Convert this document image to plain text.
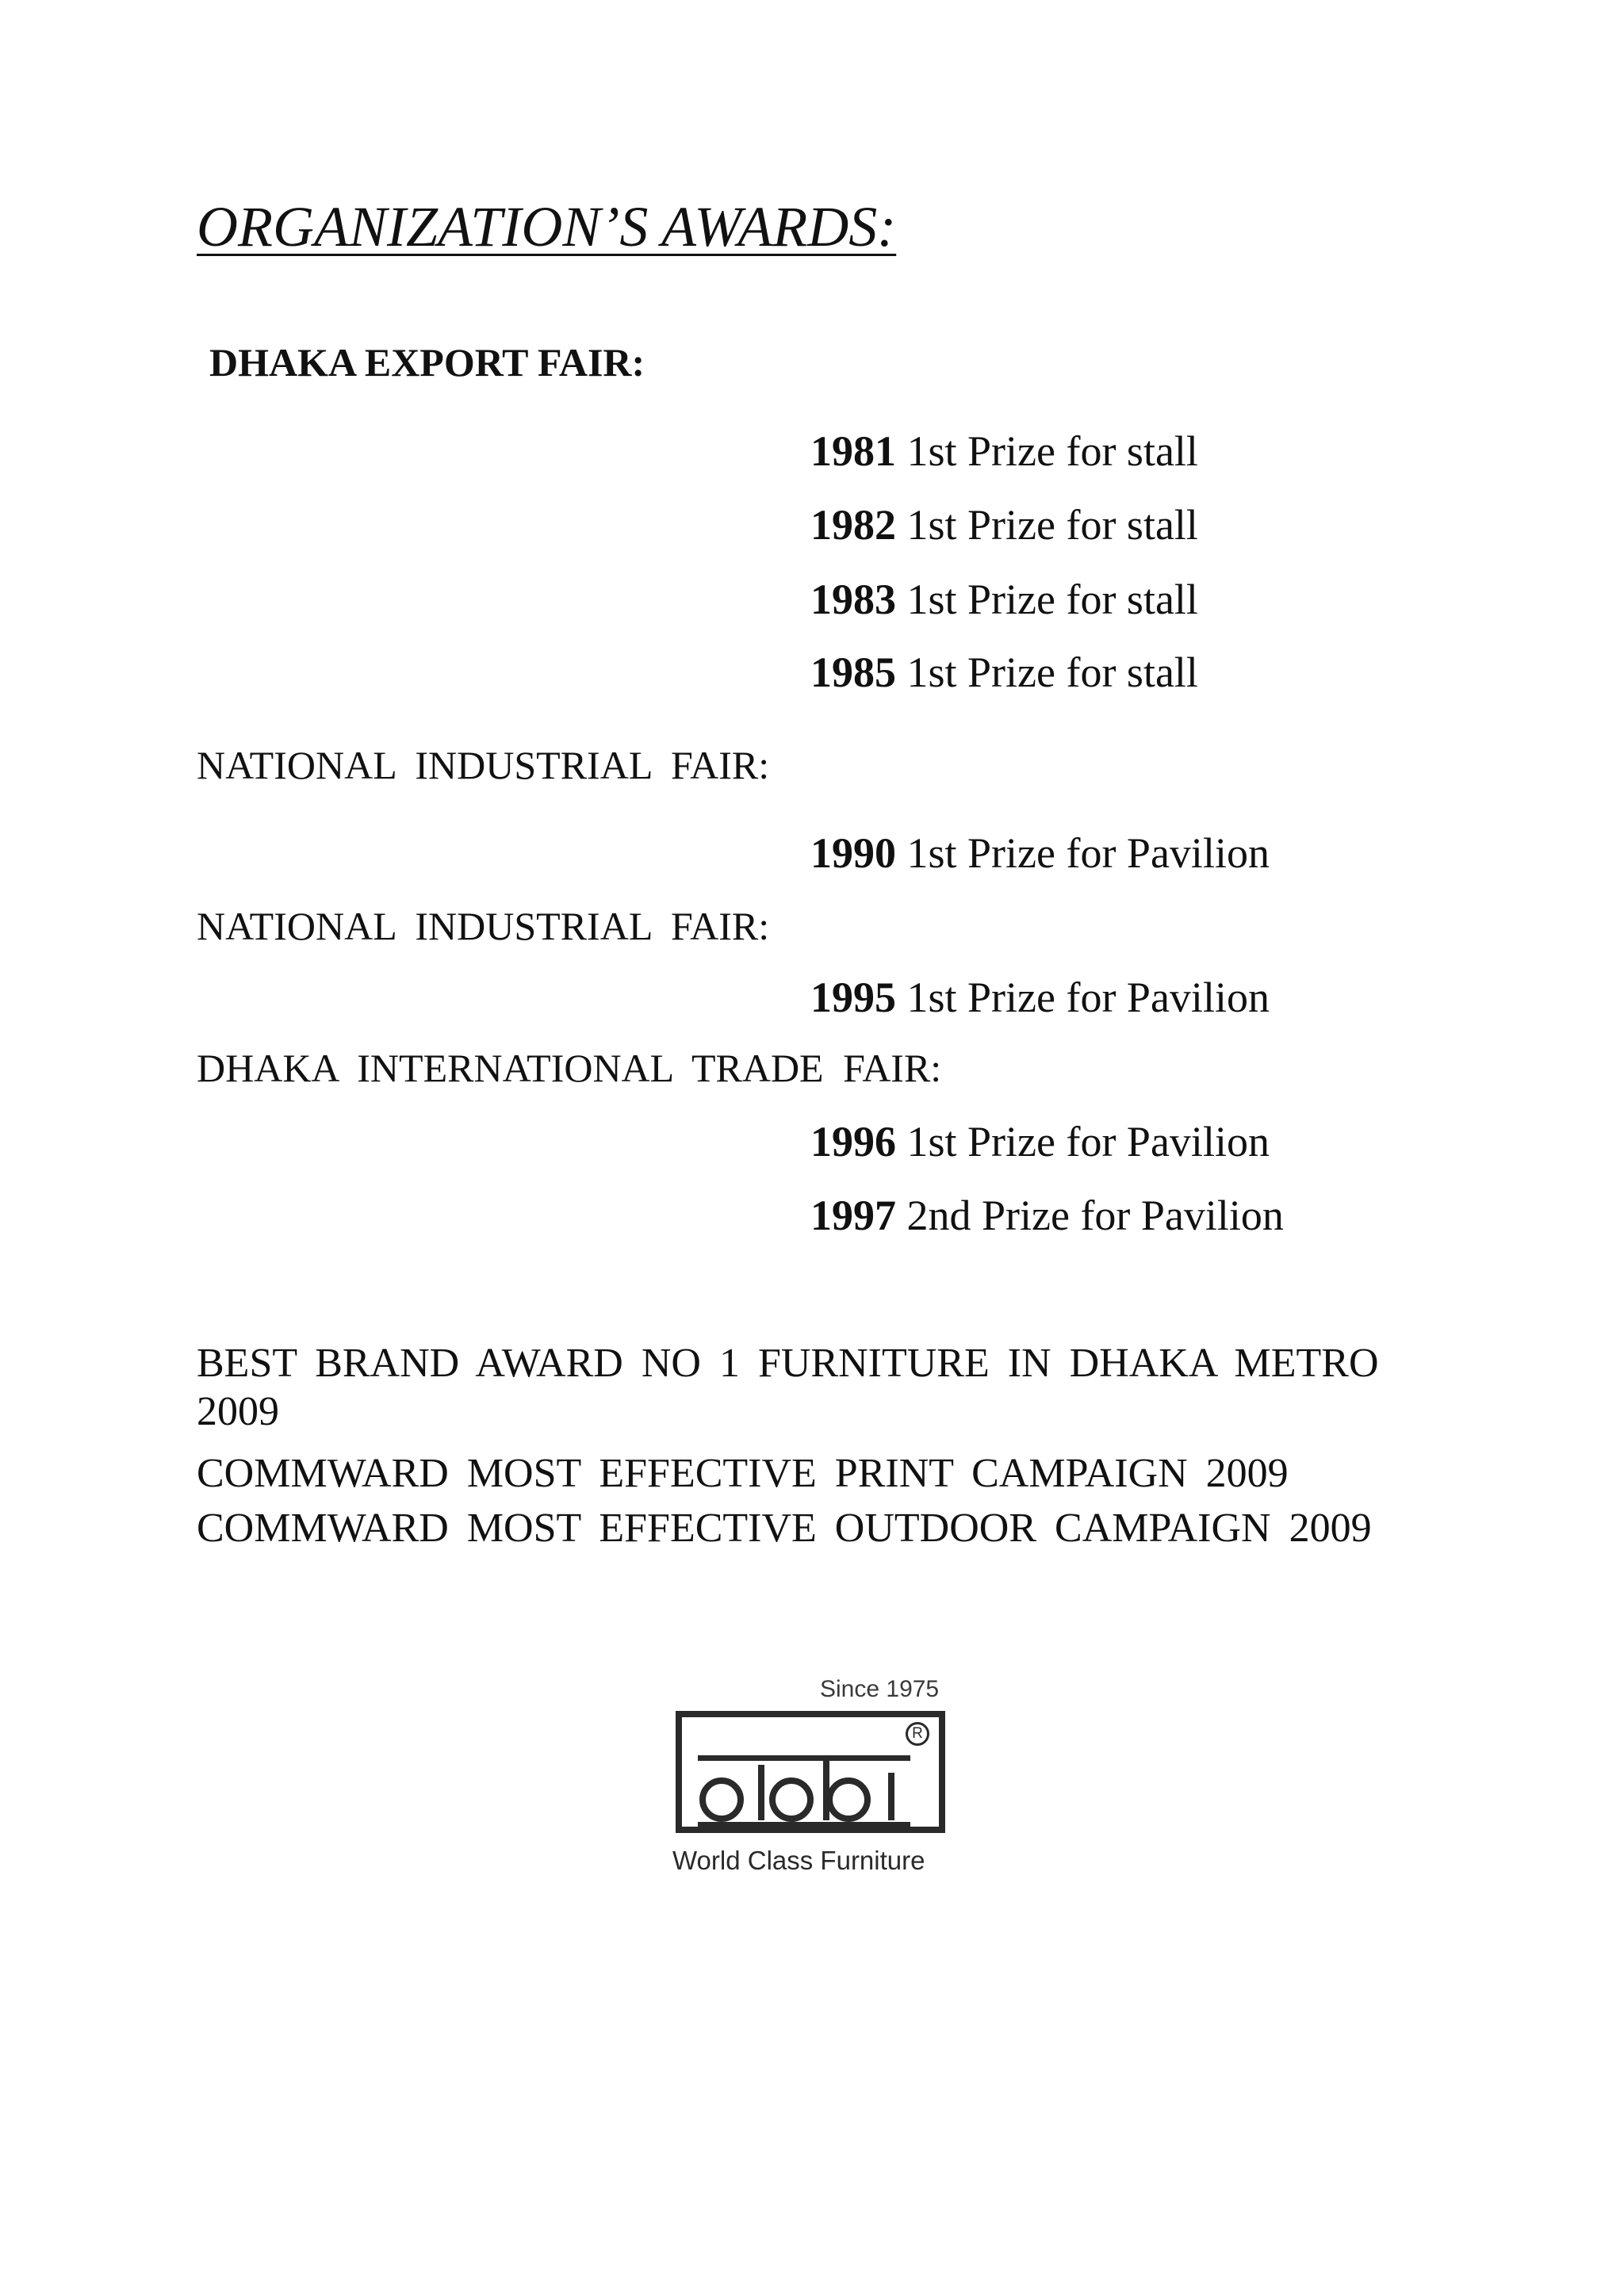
ORGANIZATION’S AWARDS:
DHAKA EXPORT FAIR:
1981 1st Prize for stall
1982 1st Prize for stall
1983 1st Prize for stall
1985 1st Prize for stall
NATIONAL INDUSTRIAL FAIR:
1990 1st Prize for Pavilion
NATIONAL INDUSTRIAL FAIR:
1995 1st Prize for Pavilion
DHAKA INTERNATIONAL TRADE FAIR:
1996 1st Prize for Pavilion
1997 2nd Prize for Pavilion
BEST BRAND AWARD NO 1 FURNITURE IN DHAKA METRO
2009
COMMWARD MOST EFFECTIVE PRINT CAMPAIGN 2009
COMMWARD MOST EFFECTIVE OUTDOOR CAMPAIGN 2009
Since 1975
R
World Class Furniture
